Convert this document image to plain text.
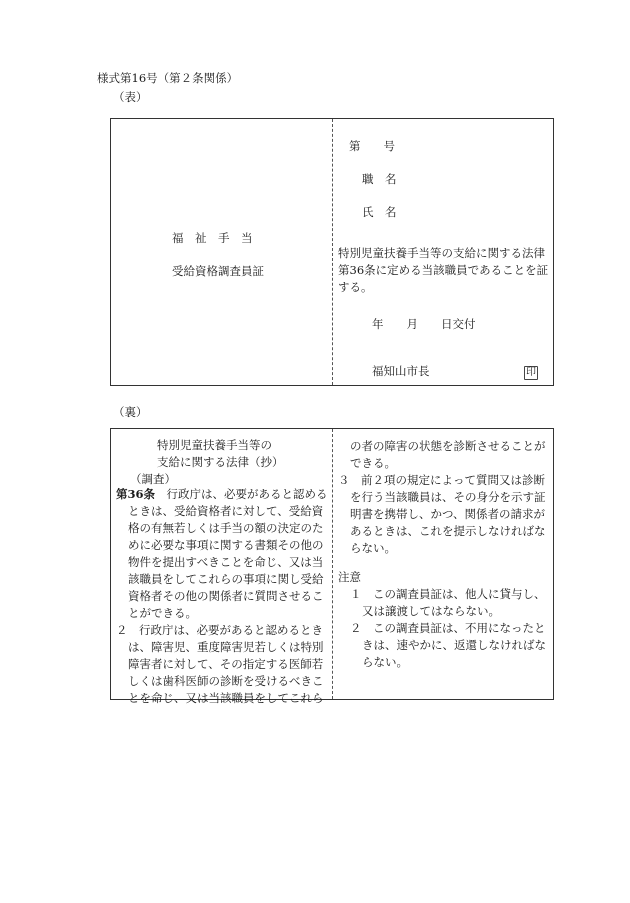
様式第16号（第２条関係）
（表）
福　祉　手　当
受給資格調査員証
第　　号
職　名
氏　名
特別児童扶養手当等の支給に関する法律
第36条に定める当該職員であることを証
する。
年　　月　　日交付
福知山市長	印
（裏）
特別児童扶養手当等の
支給に関する法律（抄）
（調査）
第36条　行政庁は、必要があると認める
ときは、受給資格者に対して、受給資
格の有無若しくは手当の額の決定のた
めに必要な事項に関する書類その他の
物件を提出すべきことを命じ、又は当
該職員をしてこれらの事項に関し受給
資格者その他の関係者に質問させるこ
とができる。
２　行政庁は、必要があると認めるとき
は、障害児、重度障害児若しくは特別
障害者に対して、その指定する医師若
しくは歯科医師の診断を受けるべきこ
とを命じ、又は当該職員をしてこれら
の者の障害の状態を診断させることが
できる。
３　前２項の規定によって質問又は診断
を行う当該職員は、その身分を示す証
明書を携帯し、かつ、関係者の請求が
あるときは、これを提示しなければな
らない。
注意
１　この調査員証は、他人に貸与し、
又は譲渡してはならない。
２　この調査員証は、不用になったと
きは、速やかに、返還しなければな
らない。
